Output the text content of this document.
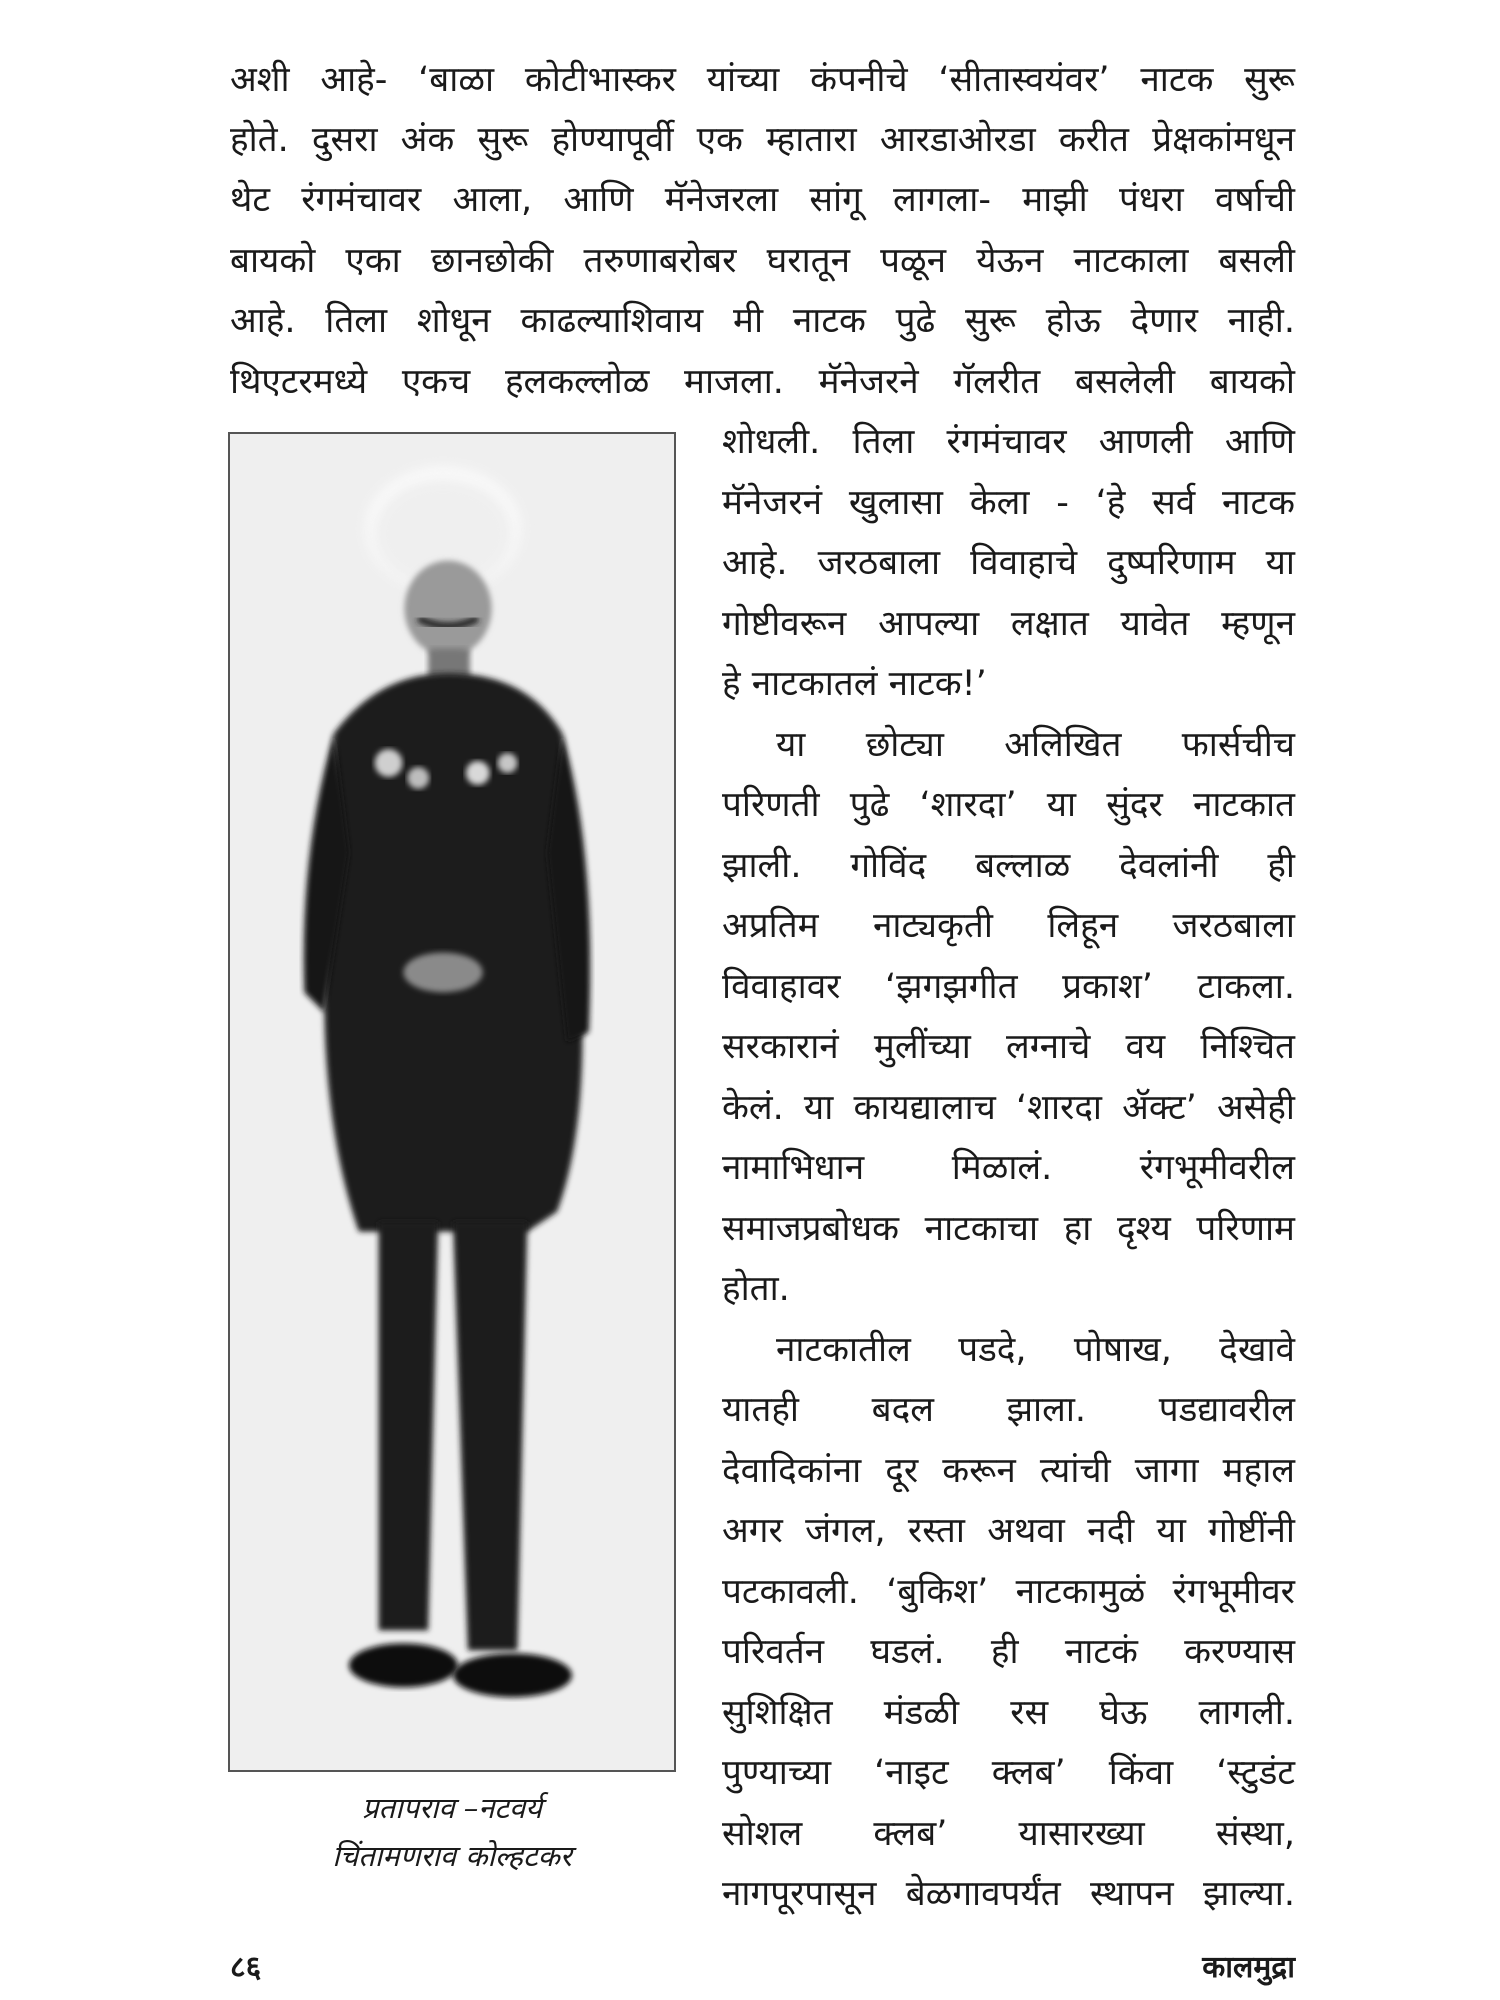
अशी आहे- ‘बाळा कोटीभास्कर यांच्या कंपनीचे ‘सीतास्वयंवर’ नाटक सुरू
होते. दुसरा अंक सुरू होण्यापूर्वी एक म्हातारा आरडाओरडा करीत प्रेक्षकांमधून
थेट रंगमंचावर आला, आणि मॅनेजरला सांगू लागला- माझी पंधरा वर्षाची
बायको एका छानछोकी तरुणाबरोबर घरातून पळून येऊन नाटकाला बसली
आहे. तिला शोधून काढल्याशिवाय मी नाटक पुढे सुरू होऊ देणार नाही.
थिएटरमध्ये एकच हलकल्लोळ माजला. मॅनेजरने गॅलरीत बसलेली बायको
प्रतापराव –नटवर्य
चिंतामणराव कोल्हटकर
शोधली. तिला रंगमंचावर आणली आणि
मॅनेजरनं खुलासा केला - ‘हे सर्व नाटक
आहे. जरठबाला विवाहाचे दुष्परिणाम या
गोष्टीवरून आपल्या लक्षात यावेत म्हणून
हे नाटकातलं नाटक!’
या छोट्या अलिखित फार्सचीच
परिणती पुढे ‘शारदा’ या सुंदर नाटकात
झाली. गोविंद बल्लाळ देवलांनी ही
अप्रतिम नाट्यकृती लिहून जरठबाला
विवाहावर ‘झगझगीत प्रकाश’ टाकला.
सरकारानं मुलींच्या लग्नाचे वय निश्चित
केलं. या कायद्यालाच ‘शारदा ॲक्ट’ असेही
नामाभिधान मिळालं. रंगभूमीवरील
समाजप्रबोधक नाटकाचा हा दृश्य परिणाम
होता.
नाटकातील पडदे, पोषाख, देखावे
यातही बदल झाला. पडद्यावरील
देवादिकांना दूर करून त्यांची जागा महाल
अगर जंगल, रस्ता अथवा नदी या गोष्टींनी
पटकावली. ‘बुकिश’ नाटकामुळं रंगभूमीवर
परिवर्तन घडलं. ही नाटकं करण्यास
सुशिक्षित मंडळी रस घेऊ लागली.
पुण्याच्या ‘नाइट क्लब’ किंवा ‘स्टुडंट
सोशल क्लब’ यासारख्या संस्था,
नागपूरपासून बेळगावपर्यंत स्थापन झाल्या.
८६	कालमुद्रा
